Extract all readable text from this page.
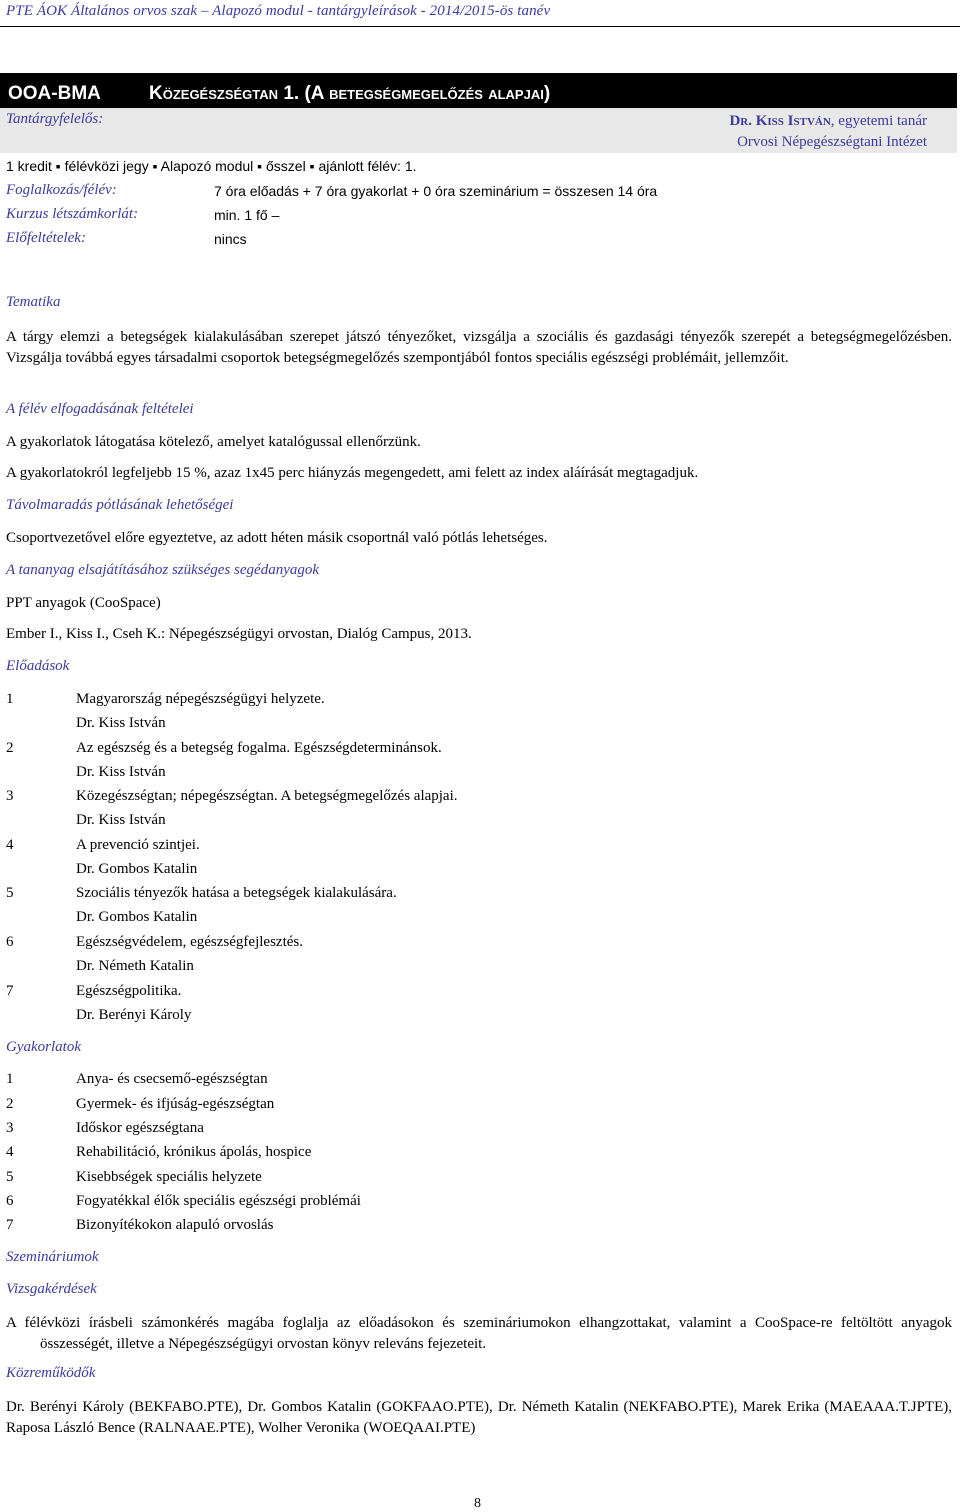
PTE ÁOK Általános orvos szak – Alapozó modul - tantárgyleírások - 2014/2015-ös tanév
OOA-BMA	Közegészségtan 1. (A betegségmegelőzés alapjai)
Tantárgyfelelős:	Dr. Kiss István, egyetemi tanár
Orvosi Népegészségtani Intézet
1 kredit ▪ félévközi jegy ▪ Alapozó modul ▪ ősszel ▪ ajánlott félév: 1.
Foglalkozás/félév:	7 óra előadás + 7 óra gyakorlat + 0 óra szeminárium = összesen 14 óra
Kurzus létszámkorlát:	min. 1 fő –
Előfeltételek:	nincs
Tematika
A tárgy elemzi a betegségek kialakulásában szerepet játszó tényezőket, vizsgálja a szociális és gazdasági tényezők szerepét a betegségmegelőzésben. Vizsgálja továbbá egyes társadalmi csoportok betegségmegelőzés szempontjából fontos speciális egészségi problémáit, jellemzőit.
A félév elfogadásának feltételei
A gyakorlatok látogatása kötelező, amelyet katalógussal ellenőrzünk.
A gyakorlatokról legfeljebb 15 %, azaz 1x45 perc hiányzás megengedett, ami felett az index aláírását megtagadjuk.
Távolmaradás pótlásának lehetőségei
Csoportvezetővel előre egyeztetve, az adott héten másik csoportnál való pótlás lehetséges.
A tananyag elsajátításához szükséges segédanyagok
PPT anyagok (CooSpace)
Ember I., Kiss I., Cseh K.: Népegészségügyi orvostan, Dialóg Campus, 2013.
Előadások
1	Magyarország népegészségügyi helyzete.
Dr. Kiss István
2	Az egészség és a betegség fogalma. Egészségdeterminánsok.
Dr. Kiss István
3	Közegészségtan; népegészségtan. A betegségmegelőzés alapjai.
Dr. Kiss István
4	A prevenció szintjei.
Dr. Gombos Katalin
5	Szociális tényezők hatása a betegségek kialakulására.
Dr. Gombos Katalin
6	Egészségvédelem, egészségfejlesztés.
Dr. Németh Katalin
7	Egészségpolitika.
Dr. Berényi Károly
Gyakorlatok
1	Anya- és csecsemő-egészségtan
2	Gyermek- és ifjúság-egészségtan
3	Időskor egészségtana
4	Rehabilitáció, krónikus ápolás, hospice
5	Kisebbségek speciális helyzete
6	Fogyatékkal élők speciális egészségi problémái
7	Bizonyítékokon alapuló orvoslás
Szemináriumok
Vizsgakérdések
A félévközi írásbeli számonkérés magába foglalja az előadásokon és szemináriumokon elhangzottakat, valamint a CooSpace-re feltöltött anyagok összességét, illetve a Népegészségügyi orvostan könyv releváns fejezeteit.
Közreműködők
Dr. Berényi Károly (BEKFABO.PTE), Dr. Gombos Katalin (GOKFAAO.PTE), Dr. Németh Katalin (NEKFABO.PTE), Marek Erika (MAEAAA.T.JPTE), Raposa László Bence (RALNAAE.PTE), Wolher Veronika (WOEQAAI.PTE)
8
